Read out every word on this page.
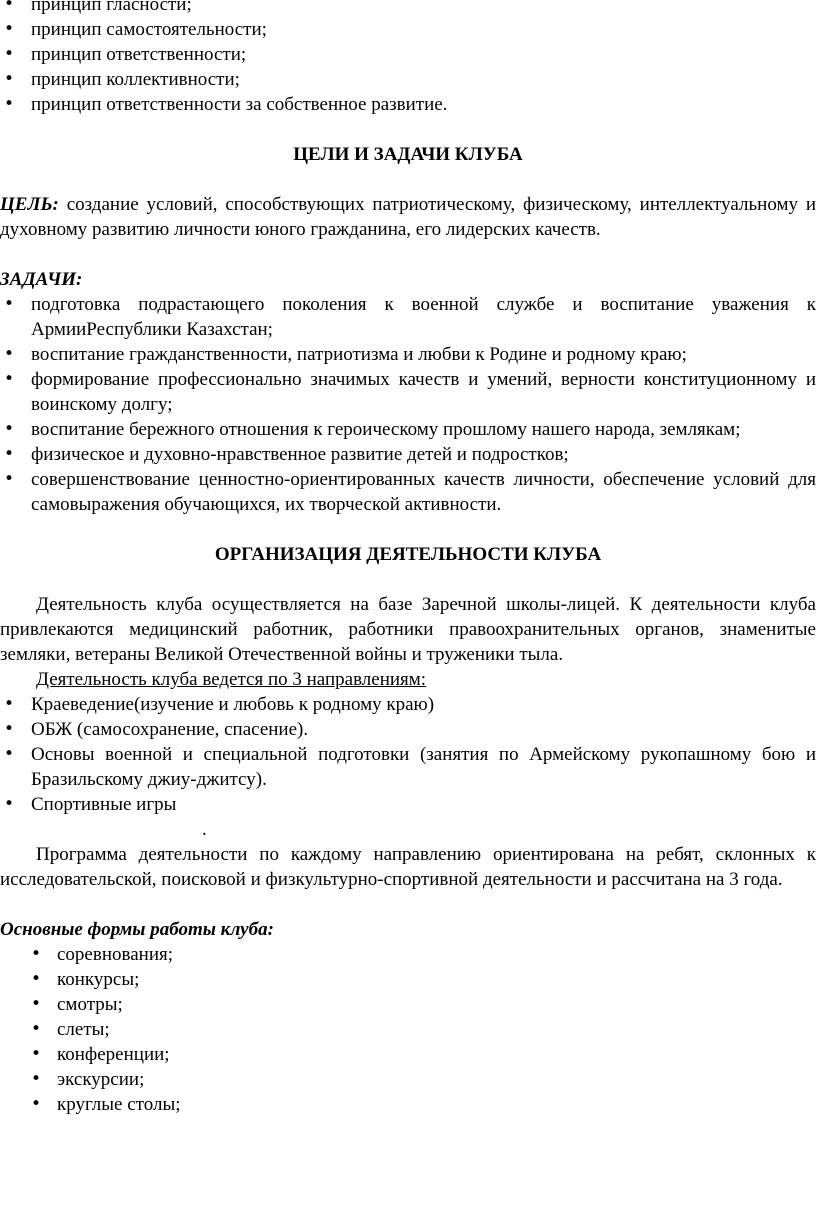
• принцип гласности;
• принцип самостоятельности;
• принцип ответственности;
• принцип коллективности;
• принцип ответственности за собственное развитие.

ЦЕЛИ И ЗАДАЧИ КЛУБА

ЦЕЛЬ: создание условий, способствующих патриотическому, физическому, интеллектуальному и духовному развитию личности юного гражданина, его лидерских качеств.

ЗАДАЧИ:

• подготовка подрастающего поколения к военной службе и воспитание уважения к АрмииРеспублики Казахстан;
• воспитание гражданственности, патриотизма и любви к Родине и родному краю;
• формирование профессионально значимых качеств и умений, верности конституционному и воинскому долгу;
• воспитание бережного отношения к героическому прошлому нашего народа, землякам;
• физическое и духовно-нравственное развитие детей и подростков;
• совершенствование ценностно-ориентированных качеств личности, обеспечение условий для самовыражения обучающихся, их творческой активности.

ОРГАНИЗАЦИЯ ДЕЯТЕЛЬНОСТИ КЛУБА

Деятельность клуба осуществляется на базе Заречной школы-лицей. К деятельности клуба привлекаются медицинский работник, работники правоохранительных органов, знаменитые земляки, ветераны Великой Отечественной войны и труженики тыла.

Деятельность клуба ведется по 3 направлениям:

• Краеведение(изучение и любовь к родному краю)
• ОБЖ (самосохранение, спасение).
• Основы военной и специальной подготовки (занятия по Армейскому рукопашному бою и Бразильскому джиу-джитсу).
• Спортивные игры

.

Программа деятельности по каждому направлению ориентирована на ребят, склонных к исследовательской, поисковой и физкультурно-спортивной деятельности и рассчитана на 3 года.

Основные формы работы клуба:

• соревнования;
• конкурсы;
• смотры;
• слеты;
• конференции;
• экскурсии;
• круглые столы;
